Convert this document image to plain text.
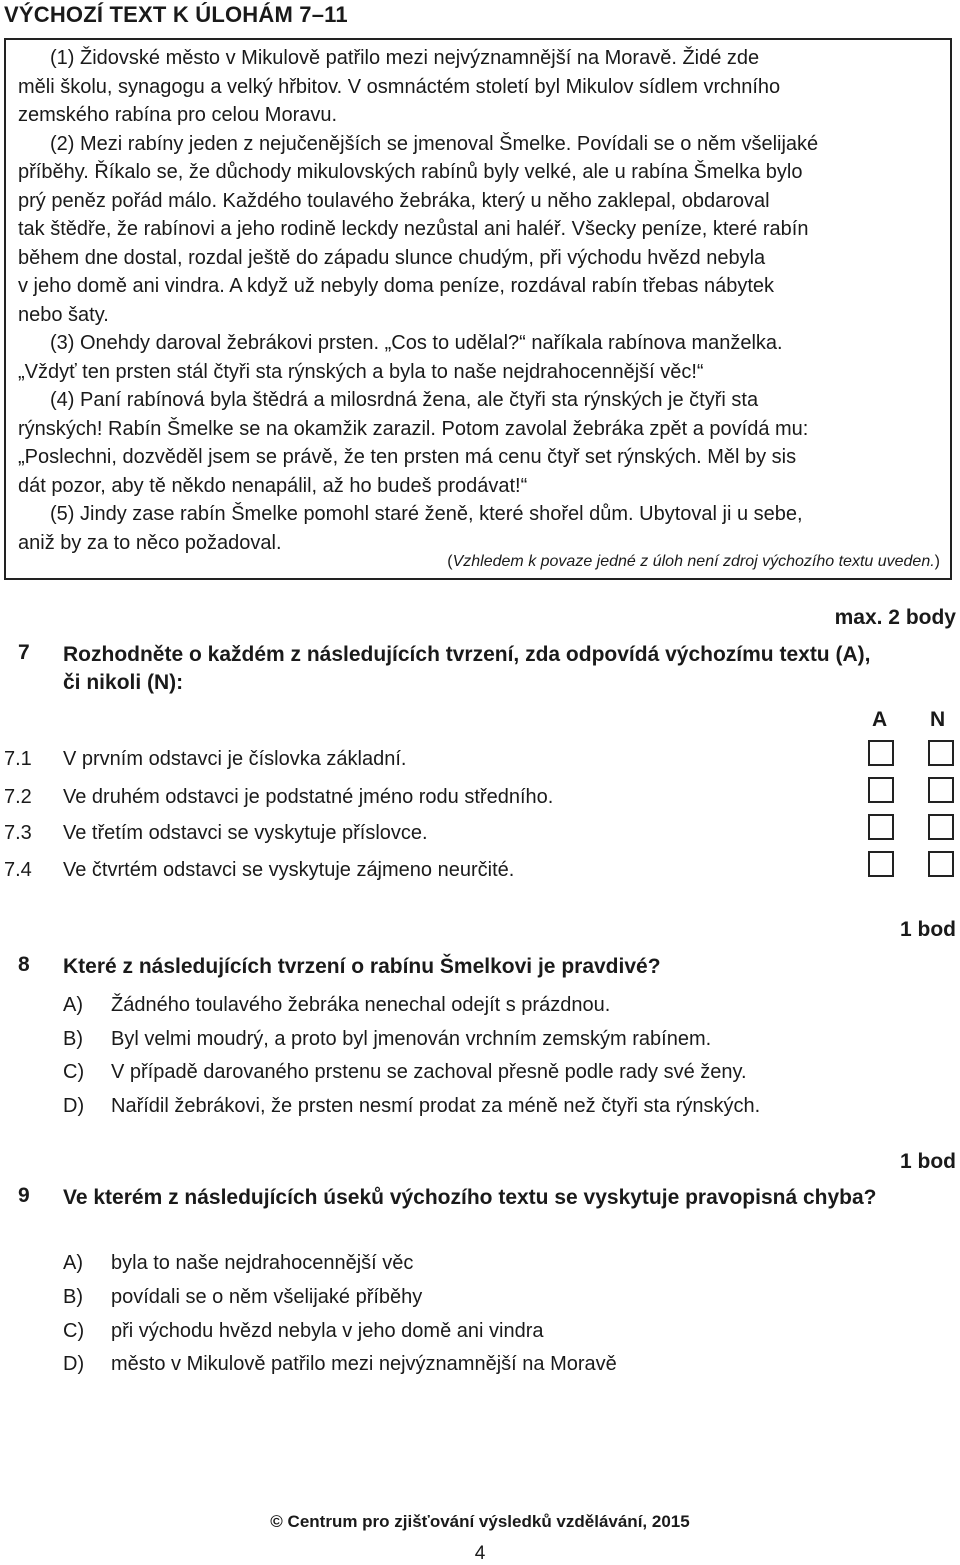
VÝCHOZÍ TEXT K ÚLOHÁM 7–11
(1) Židovské město v Mikulově patřilo mezi nejvýznamnější na Moravě. Židé zde
měli školu, synagogu a velký hřbitov. V osmnáctém století byl Mikulov sídlem vrchního
zemského rabína pro celou Moravu.
(2) Mezi rabíny jeden z nejučenějších se jmenoval Šmelke. Povídali se o něm všelijaké
příběhy. Říkalo se, že důchody mikulovských rabínů byly velké, ale u rabína Šmelka bylo
prý peněz pořád málo. Každého toulavého žebráka, který u něho zaklepal, obdaroval
tak štědře, že rabínovi a jeho rodině leckdy nezůstal ani haléř. Všecky peníze, které rabín
během dne dostal, rozdal ještě do západu slunce chudým, při východu hvězd nebyla
v jeho domě ani vindra. A když už nebyly doma peníze, rozdával rabín třebas nábytek
nebo šaty.
(3) Onehdy daroval žebrákovi prsten. „Cos to udělal?“ naříkala rabínova manželka.
„Vždyť ten prsten stál čtyři sta rýnských a byla to naše nejdrahocennější věc!“
(4) Paní rabínová byla štědrá a milosrdná žena, ale čtyři sta rýnských je čtyři sta
rýnských! Rabín Šmelke se na okamžik zarazil. Potom zavolal žebráka zpět a povídá mu:
„Poslechni, dozvěděl jsem se právě, že ten prsten má cenu čtyř set rýnských. Měl by sis
dát pozor, aby tě někdo nenapálil, až ho budeš prodávat!“
(5) Jindy zase rabín Šmelke pomohl staré ženě, které shořel dům. Ubytoval ji u sebe,
aniž by za to něco požadoval.
(Vzhledem k povaze jedné z úloh není zdroj výchozího textu uveden.)
max. 2 body
7 Rozhodněte o každém z následujících tvrzení, zda odpovídá výchozímu textu (A), či nikoli (N):
A N
7.1 V prvním odstavci je číslovka základní.
7.2 Ve druhém odstavci je podstatné jméno rodu středního.
7.3 Ve třetím odstavci se vyskytuje příslovce.
7.4 Ve čtvrtém odstavci se vyskytuje zájmeno neurčité.
1 bod
8 Které z následujících tvrzení o rabínu Šmelkovi je pravdivé?
A) Žádného toulavého žebráka nenechal odejít s prázdnou.
B) Byl velmi moudrý, a proto byl jmenován vrchním zemským rabínem.
C) V případě darovaného prstenu se zachoval přesně podle rady své ženy.
D) Nařídil žebrákovi, že prsten nesmí prodat za méně než čtyři sta rýnských.
1 bod
9 Ve kterém z následujících úseků výchozího textu se vyskytuje pravopisná chyba?
A) byla to naše nejdrahocennější věc
B) povídali se o něm všelijaké příběhy
C) při východu hvězd nebyla v jeho domě ani vindra
D) město v Mikulově patřilo mezi nejvýznamnější na Moravě
© Centrum pro zjišťování výsledků vzdělávání, 2015
4
